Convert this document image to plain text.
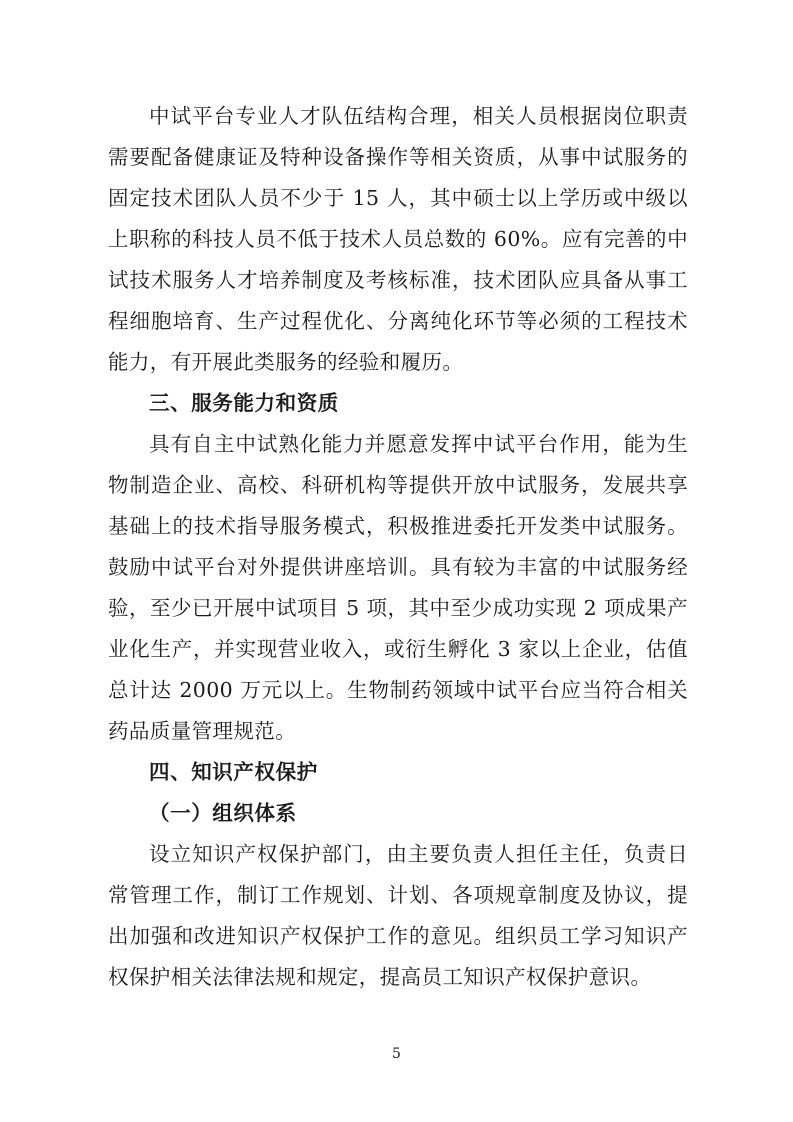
中试平台专业人才队伍结构合理，相关人员根据岗位职责需要配备健康证及特种设备操作等相关资质，从事中试服务的固定技术团队人员不少于 15 人，其中硕士以上学历或中级以上职称的科技人员不低于技术人员总数的 60%。应有完善的中试技术服务人才培养制度及考核标准，技术团队应具备从事工程细胞培育、生产过程优化、分离纯化环节等必须的工程技术能力，有开展此类服务的经验和履历。

三、服务能力和资质

具有自主中试熟化能力并愿意发挥中试平台作用，能为生物制造企业、高校、科研机构等提供开放中试服务，发展共享基础上的技术指导服务模式，积极推进委托开发类中试服务。鼓励中试平台对外提供讲座培训。具有较为丰富的中试服务经验，至少已开展中试项目 5 项，其中至少成功实现 2 项成果产业化生产，并实现营业收入，或衍生孵化 3 家以上企业，估值总计达 2000 万元以上。生物制药领域中试平台应当符合相关药品质量管理规范。

四、知识产权保护
（一）组织体系

设立知识产权保护部门，由主要负责人担任主任，负责日常管理工作，制订工作规划、计划、各项规章制度及协议，提出加强和改进知识产权保护工作的意见。组织员工学习知识产权保护相关法律法规和规定，提高员工知识产权保护意识。

5
